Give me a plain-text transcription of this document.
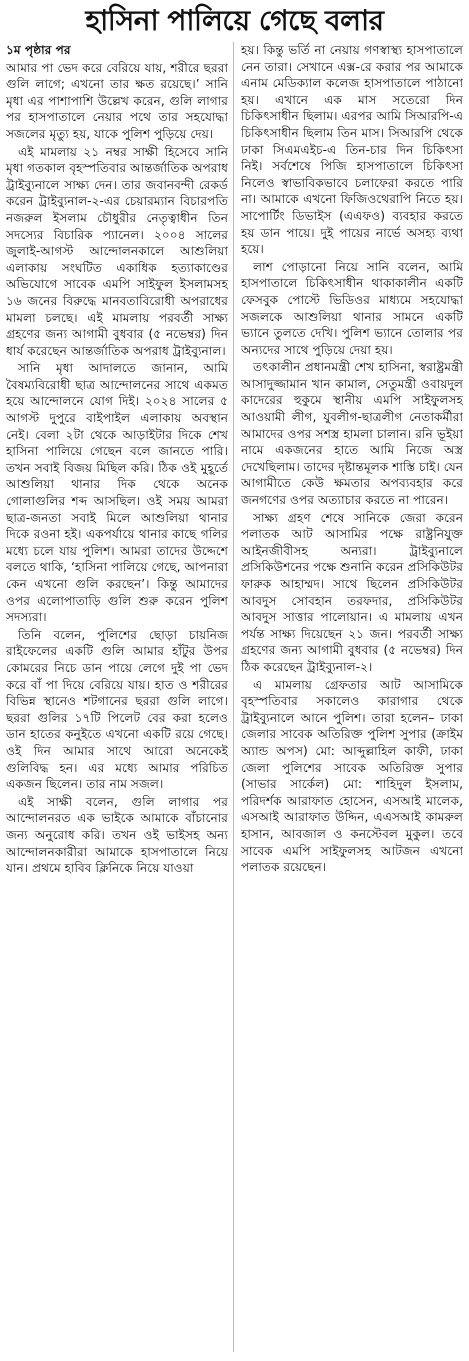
হাসিনা পালিয়ে গেছে বলার
১ম পৃষ্ঠার পর

আমার পা ভেদ করে বেরিয়ে যায়, শরীরে ছররা গুলি লাগে; এখনো তার ক্ষত রয়েছে।’ সানি মৃধা এর পাশাপাশি উল্লেখ করেন, গুলি লাগার পর হাসপাতালে নেয়ার পথে তার সহযোদ্ধা সজলের মৃত্যু হয়, যাকে পুলিশ পুড়িয়ে দেয়।

এই মামলায় ২১ নম্বর সাক্ষী হিসেবে সানি মৃধা গতকাল বৃহস্পতিবার আন্তর্জাতিক অপরাধ ট্রাইব্যুনালে সাক্ষ্য দেন। তার জবানবন্দী রেকর্ড করেন ট্রাইব্যুনাল-২-এর চেয়ারম্যান বিচারপতি নজরুল ইসলাম চৌধুরীর নেতৃত্বাধীন তিন সদস্যের বিচারিক প্যানেল। ২০০৪ সালের জুলাই-আগস্ট আন্দোলনকালে আশুলিয়া এলাকায় সংঘটিত একাধিক হত্যাকাণ্ডের অভিযোগে সাবেক এমপি সাইফুল ইসলামসহ ১৬ জনের বিরুদ্ধে মানবতাবিরোধী অপরাধের মামলা চলছে। এই মামলায় পরবর্তী সাক্ষ্য গ্রহণের জন্য আগামী বুধবার (৫ নভেম্বর) দিন ধার্য করেছেন আন্তর্জাতিক অপরাধ ট্রাইব্যুনাল।

সানি মৃধা আদালতে জানান, আমি বৈষম্যবিরোধী ছাত্র আন্দোলনের সাথে একমত হয়ে আন্দোলনে যোগ দিই। ২০২৪ সালের ৫ আগস্ট দুপুরে বাইপাইল এলাকায় অবস্থান নেই। বেলা ২টা থেকে আড়াইটার দিকে শেখ হাসিনা পালিয়ে গেছেন বলে জানতে পারি। তখন সবাই বিজয় মিছিল করি। ঠিক ওই মুহূর্তে আশুলিয়া থানার দিক থেকে অনেক গোলাগুলির শব্দ আসছিল। ওই সময় আমরা ছাত্র-জনতা সবাই মিলে আশুলিয়া থানার দিকে রওনা হই। একপর্যায়ে থানার কাছে গলির মধ্যে চলে যায় পুলিশ। আমরা তাদের উদ্দেশে বলতে থাকি, ‘হাসিনা পালিয়ে গেছে, আপনারা কেন এখনো গুলি করছেন’। কিন্তু আমাদের ওপর এলোপাতাড়ি গুলি শুরু করেন পুলিশ সদস্যরা।

তিনি বলেন, পুলিশের ছোড়া চায়নিজ রাইফেলের একটি গুলি আমার হাঁটুর উপর কোমরের নিচে ডান পায়ে লেগে দুই পা ভেদ করে বাঁ পা দিয়ে বেরিয়ে যায়। হাত ও শরীরের বিভিন্ন স্থানেও শটগানের ছররা গুলি লাগে। ছররা গুলির ১৭টি পিলেট বের করা হলেও ডান হাতের কনুইতে এখনো একটি রয়ে গেছে। ওই দিন আমার সাথে আরো অনেকেই গুলিবিদ্ধ হন। এর মধ্যে আমার পরিচিত একজন ছিলেন। তার নাম সজল।

এই সাক্ষী বলেন, গুলি লাগার পর আন্দোলনরত এক ভাইকে আমাকে বাঁচানোর জন্য অনুরোধ করি। তখন ওই ভাইসহ অন্য আন্দোলনকারীরা আমাকে হাসপাতালে নিয়ে যান। প্রথমে হাবিব ক্লিনিকে নিয়ে যাওয়া

হয়। কিন্তু ভর্তি না নেয়ায় গণস্বাস্থ্য হাসপাতালে নেন তারা। সেখানে এক্স-রে করার পর আমাকে এনাম মেডিক্যাল কলেজ হাসপাতালে পাঠানো হয়। এখানে এক মাস সতেরো দিন চিকিৎসাধীন ছিলাম। এরপর আমি সিআরপি-এ চিকিৎসাধীন ছিলাম তিন মাস। সিআরপি থেকে ঢাকা সিএমএইচ-এ তিন-চার দিন চিকিৎসা নিই। সর্বশেষে পিজি হাসপাতালে চিকিৎসা নিলেও স্বাভাবিকভাবে চলাফেরা করতে পারি না। আমাকে এখনো ফিজিওথেরাপি নিতে হয়। সাপোর্টিং ডিভাইস (এএফও) ব্যবহার করতে হয় ডান পায়ে। দুই পায়ের নার্ভে অসহ্য ব্যথা হয়ে।

লাশ পোড়ানো নিয়ে সানি বলেন, আমি হাসপাতালে চিকিৎসাধীন থাকাকালীন একটি ফেসবুক পোস্টে ভিডিওর মাধ্যমে সহযোদ্ধা সজলকে আশুলিয়া থানার সামনে একটি ভ্যানে তুলতে দেখি। পুলিশ ভ্যানে তোলার পর অন্যদের সাথে পুড়িয়ে দেয়া হয়।

তৎকালীন প্রধানমন্ত্রী শেখ হাসিনা, স্বরাষ্ট্রমন্ত্রী আসাদুজ্জামান খান কামাল, সেতুমন্ত্রী ওবায়দুল কাদেরের হুকুমে স্থানীয় এমপি সাইফুলসহ আওয়ামী লীগ, যুবলীগ-ছাত্রলীগ নেতাকর্মীরা আমাদের ওপর সশস্ত্র হামলা চালান। রনি ভূইয়া নামে একজনের হাতে আমি নিজে অস্ত্র দেখেছিলাম। তাদের দৃষ্টান্তমূলক শাস্তি চাই। যেন আগামীতে কেউ ক্ষমতার অপব্যবহার করে জনগণের ওপর অত্যাচার করতে না পারেন।

সাক্ষ্য গ্রহণ শেষে সানিকে জেরা করেন পলাতক আট আসামির পক্ষে রাষ্ট্রনিযুক্ত আইনজীবীসহ অন্যরা। ট্রাইব্যুনালে প্রসিকিউশনের পক্ষে শুনানি করেন প্রসিকিউটর ফারুক আহাম্মদ। সাথে ছিলেন প্রসিকিউটর আবদুস সোবহান তরফদার, প্রসিকিউটর আবদুস সাত্তার পালোয়ান। এ মামলায় এখন পর্যন্ত সাক্ষ্য দিয়েছেন ২১ জন। পরবর্তী সাক্ষ্য গ্রহণের জন্য আগামী বুধবার (৫ নভেম্বর) দিন ঠিক করেছেন ট্রাইব্যুনাল-২।

এ মামলায় গ্রেফতার আট আসামিকে বৃহস্পতিবার সকালেও কারাগার থেকে ট্রাইব্যুনালে আনে পুলিশ। তারা হলেন– ঢাকা জেলার সাবেক অতিরিক্ত পুলিশ সুপার (ক্রাইম অ্যান্ড অপস) মো: আব্দুল্লাহিল কাফী, ঢাকা জেলা পুলিশের সাবেক অতিরিক্ত সুপার (সাভার সার্কেল) মো: শাহিদুল ইসলাম, পরিদর্শক আরাফাত হোসেন, এসআই মালেক, এসআই আরাফাত উদ্দিন, এএসআই কামরুল হাসান, আবজাল ও কনস্টেবল মুকুল। তবে সাবেক এমপি সাইফুলসহ আটজন এখনো পলাতক রয়েছেন।
